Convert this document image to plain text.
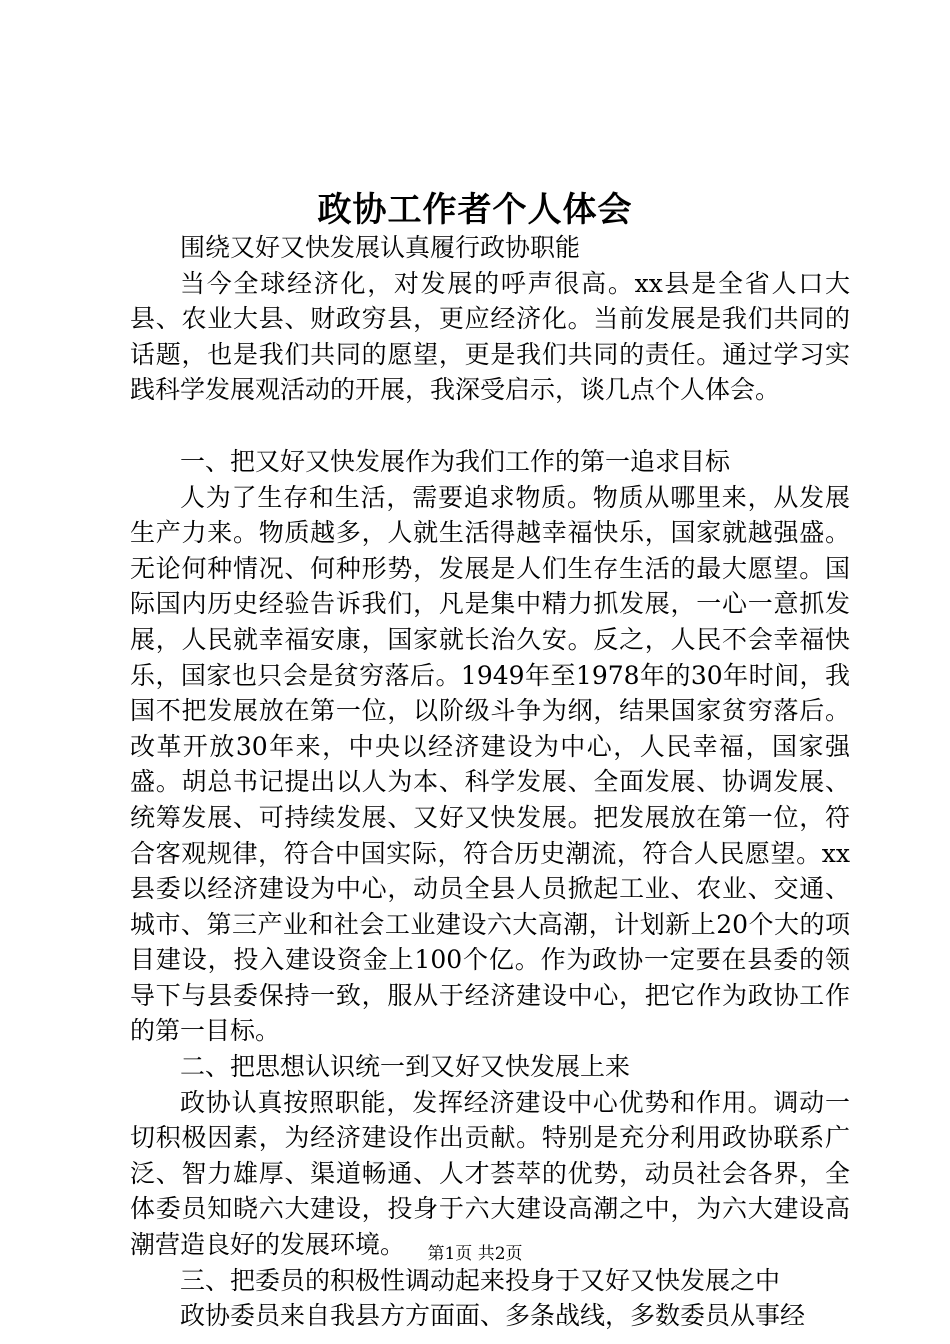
政协工作者个人体会

围绕又好又快发展认真履行政协职能

当今全球经济化，对发展的呼声很高。xx县是全省人口大县、农业大县、财政穷县，更应经济化。当前发展是我们共同的话题，也是我们共同的愿望，更是我们共同的责任。通过学习实践科学发展观活动的开展，我深受启示，谈几点个人体会。

一、把又好又快发展作为我们工作的第一追求目标

人为了生存和生活，需要追求物质。物质从哪里来，从发展生产力来。物质越多，人就生活得越幸福快乐，国家就越强盛。无论何种情况、何种形势，发展是人们生存生活的最大愿望。国际国内历史经验告诉我们，凡是集中精力抓发展，一心一意抓发展，人民就幸福安康，国家就长治久安。反之，人民不会幸福快乐，国家也只会是贫穷落后。1949年至1978年的30年时间，我国不把发展放在第一位，以阶级斗争为纲，结果国家贫穷落后。改革开放30年来，中央以经济建设为中心，人民幸福，国家强盛。胡总书记提出以人为本、科学发展、全面发展、协调发展、统筹发展、可持续发展、又好又快发展。把发展放在第一位，符合客观规律，符合中国实际，符合历史潮流，符合人民愿望。xx县委以经济建设为中心，动员全县人员掀起工业、农业、交通、城市、第三产业和社会工业建设六大高潮，计划新上20个大的项目建设，投入建设资金上100个亿。作为政协一定要在县委的领导下与县委保持一致，服从于经济建设中心，把它作为政协工作的第一目标。

二、把思想认识统一到又好又快发展上来

政协认真按照职能，发挥经济建设中心优势和作用。调动一切积极因素，为经济建设作出贡献。特别是充分利用政协联系广泛、智力雄厚、渠道畅通、人才荟萃的优势，动员社会各界，全体委员知晓六大建设，投身于六大建设高潮之中，为六大建设高潮营造良好的发展环境。

三、把委员的积极性调动起来投身于又好又快发展之中

政协委员来自我县方方面面、多条战线，多数委员从事经

第1页 共2页
